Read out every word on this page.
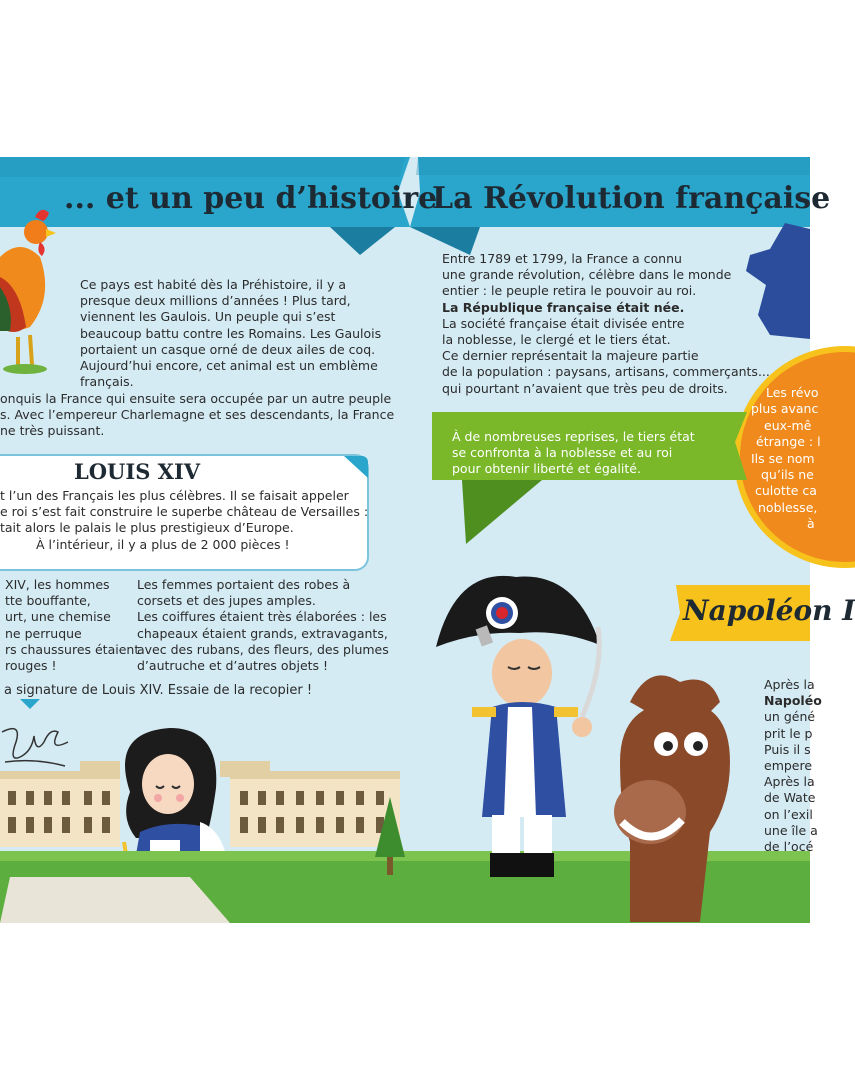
... et un peu d’histoire
La Révolution française
Ce pays est habité dès la Préhistoire, il y a
presque deux millions d’années ! Plus tard,
viennent les Gaulois. Un peuple qui s’est
beaucoup battu contre les Romains. Les Gaulois
portaient un casque orné de deux ailes de coq.
Aujourd’hui encore, cet animal est un emblème
français.
onquis la France qui ensuite sera occupée par un autre peuple
s. Avec l’empereur Charlemagne et ses descendants, la France
ne très puissant.
LOUIS XIV
t l’un des Français les plus célèbres. Il se faisait appeler
e roi s’est fait construire le superbe château de Versailles :
tait alors le palais le plus prestigieux d’Europe.
À l’intérieur, il y a plus de 2 000 pièces !
XIV, les hommes
tte bouffante,
urt, une chemise
ne perruque
rs chaussures étaient
rouges !
Les femmes portaient des robes à
corsets et des jupes amples.
Les coiffures étaient très élaborées : les
chapeaux étaient grands, extravagants,
avec des rubans, des fleurs, des plumes
d’autruche et d’autres objets !
a signature de Louis XIV. Essaie de la recopier !
Entre 1789 et 1799, la France a connu
une grande révolution, célèbre dans le monde
entier : le peuple retira le pouvoir au roi.
La République française était née.
La société française était divisée entre
la noblesse, le clergé et le tiers état.
Ce dernier représentait la majeure partie
de la population : paysans, artisans, commerçants...
qui pourtant n’avaient que très peu de droits.	Les révo
plus avanc
eux-mê
étrange : l
Ils se nom
qu’ils ne
culotte ca
noblesse,
à
À de nombreuses reprises, le tiers état
se confronta à la noblesse et au roi
pour obtenir liberté et égalité.
Napoléon I
Après la
Napoléo
un géné
prit le p
Puis il s
empere
Après la
de Wate
on l’exil
une île a
de l’océ
